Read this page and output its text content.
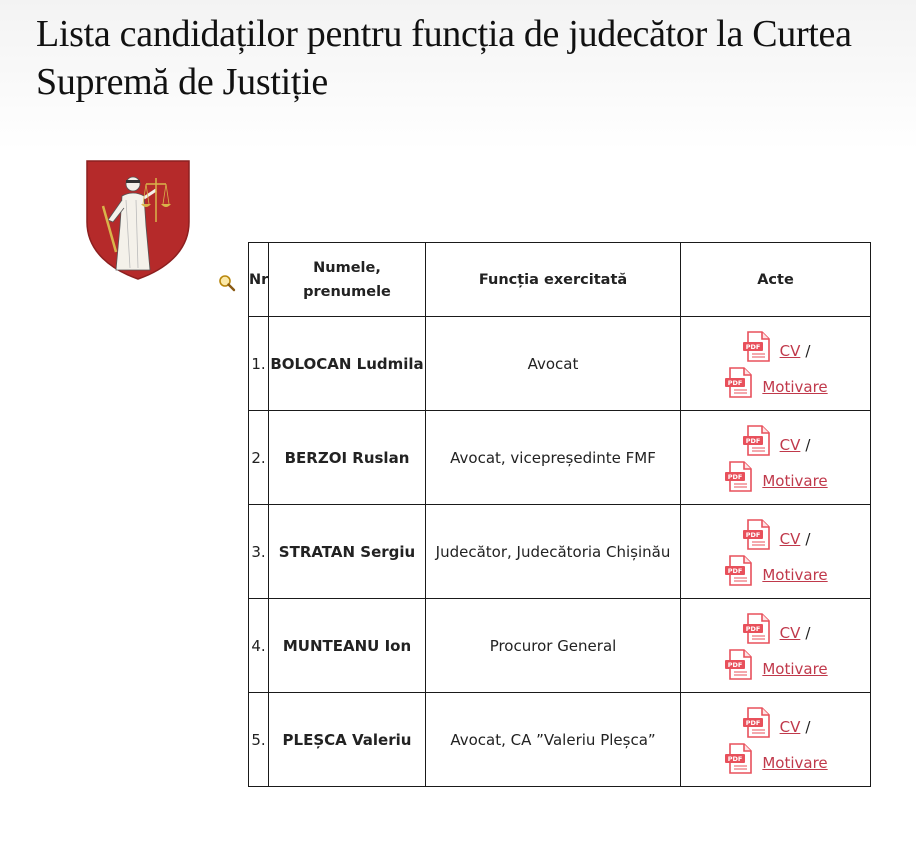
Lista candidaților pentru funcția de judecător la Curtea Supremă de Justiție
Nr	Numele, prenumele	Funcția exercitată	Acte
1.	BOLOCAN Ludmila	Avocat	PDF CV /
PDF Motivare

2.	BERZOI Ruslan	Avocat, vicepreședinte FMF	PDF CV /
PDF Motivare

3.	STRATAN Sergiu	Judecător, Judecătoria Chișinău	PDF CV /
PDF Motivare

4.	MUNTEANU Ion	Procuror General	PDF CV /
PDF Motivare

5.	PLEȘCA Valeriu	Avocat, CA ”Valeriu Pleșca”	PDF CV /
PDF Motivare
